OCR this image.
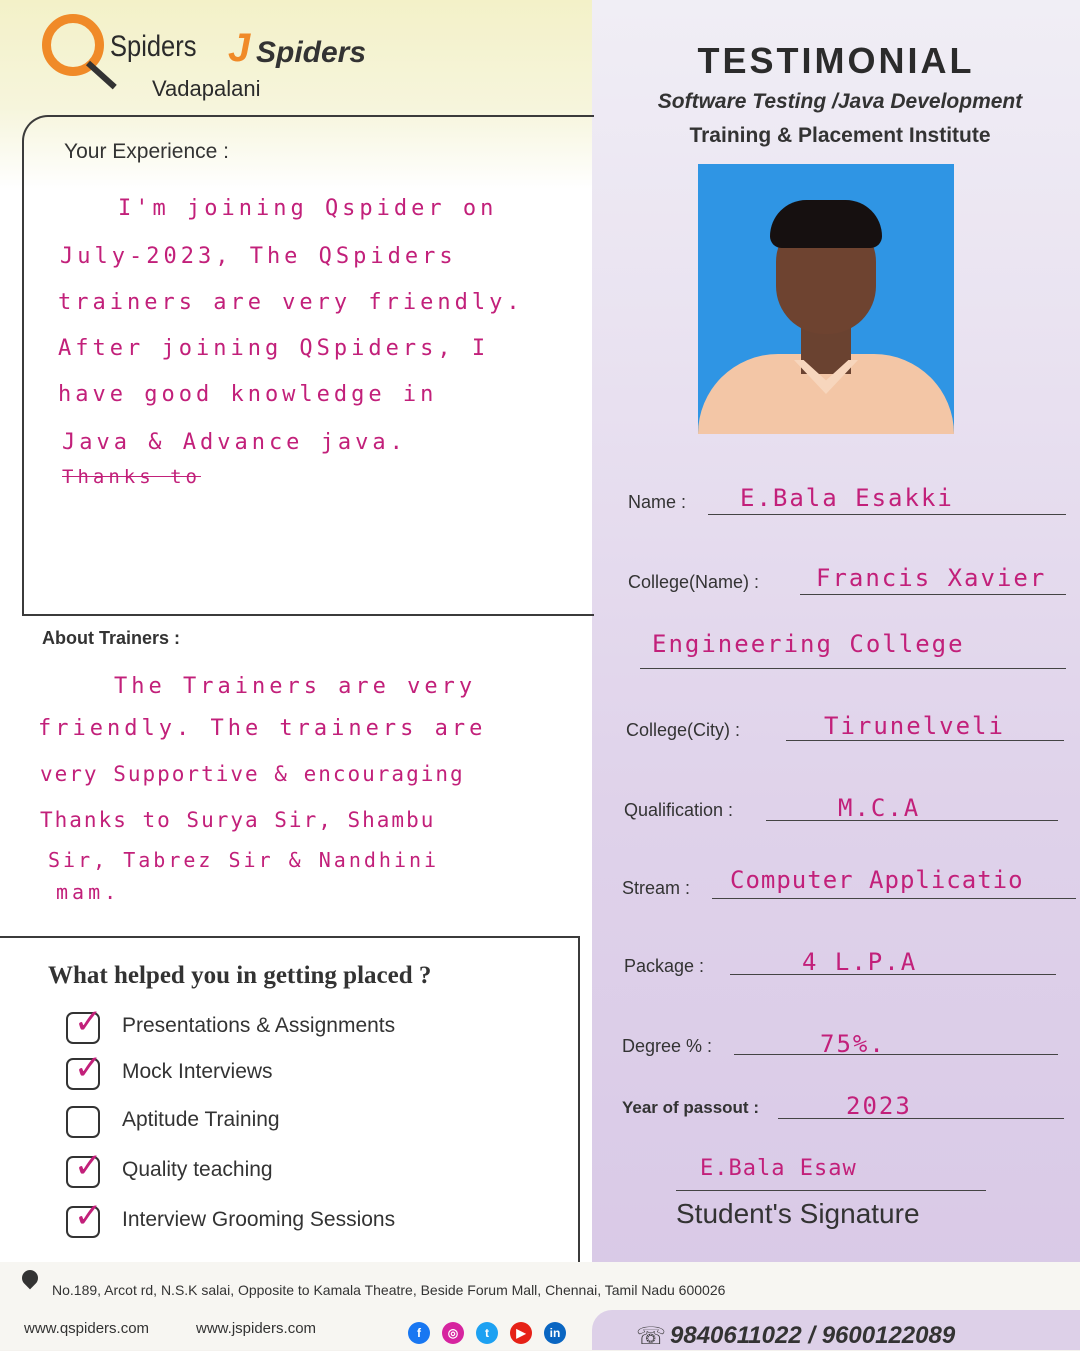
Spiders J Spiders
Vadapalani
TESTIMONIAL
Software Testing /Java Development
Training & Placement Institute
Your Experience :
I'm joining Qspider on
July-2023, The QSpiders
trainers are very friendly.
After joining QSpiders, I
have good knowledge in
Java & Advance java.
Thanks to
About Trainers :
The Trainers are very
friendly. The trainers are
very Supportive & encouraging
Thanks to Surya Sir, Shambu
Sir, Tabrez Sir & Nandhini
mam.
What helped you in getting placed ?
✓ Presentations & Assignments
✓ Mock Interviews
Aptitude Training
✓ Quality teaching
✓ Interview Grooming Sessions
Name : E.Bala Esakki
College(Name) : Francis Xavier
Engineering College
College(City) :	Tirunelveli
Qualification :	M.C.A
Stream : Computer Applicatio
Package :	4 L.P.A
Degree % :	75%.
Year of passout :	2023
E.Bala Esaw
Student's Signature
No.189, Arcot rd, N.S.K salai, Opposite to Kamala Theatre, Beside Forum Mall, Chennai, Tamil Nadu 600026
www.qspiders.com	www.jspiders.com	f	◎	t	▶	in	☏ 9840611022 / 9600122089
